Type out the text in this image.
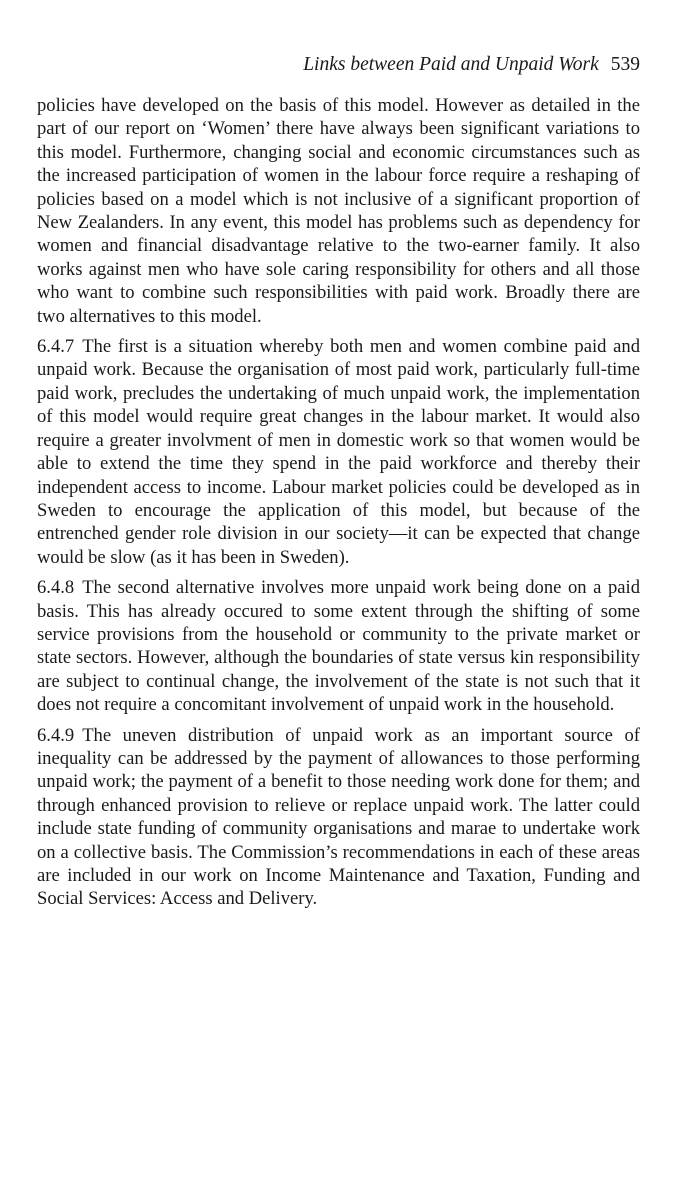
Links between Paid and Unpaid Work 539

policies have developed on the basis of this model. However as detailed in the part of our report on ‘Women’ there have always been significant variations to this model. Furthermore, changing social and economic circumstances such as the increased participation of women in the labour force require a reshaping of policies based on a model which is not inclusive of a significant proportion of New Zealanders. In any event, this model has problems such as dependency for women and financial disadvantage relative to the two-earner family. It also works against men who have sole caring responsibility for others and all those who want to combine such responsibilities with paid work. Broadly there are two alternatives to this model.

6.4.7 The first is a situation whereby both men and women combine paid and unpaid work. Because the organisation of most paid work, particularly full-time paid work, precludes the undertaking of much unpaid work, the implementation of this model would require great changes in the labour market. It would also require a greater involvment of men in domestic work so that women would be able to extend the time they spend in the paid workforce and thereby their independent access to income. Labour market policies could be developed as in Sweden to encourage the application of this model, but because of the entrenched gender role division in our society—it can be expected that change would be slow (as it has been in Sweden).

6.4.8 The second alternative involves more unpaid work being done on a paid basis. This has already occured to some extent through the shifting of some service provisions from the household or community to the private market or state sectors. However, although the boundaries of state versus kin responsibility are subject to continual change, the involvement of the state is not such that it does not require a concomitant involvement of unpaid work in the household.

6.4.9 The uneven distribution of unpaid work as an important source of inequality can be addressed by the payment of allowances to those performing unpaid work; the payment of a benefit to those needing work done for them; and through enhanced provision to relieve or replace unpaid work. The latter could include state funding of community organisations and marae to undertake work on a collective basis. The Commission’s recommendations in each of these areas are included in our work on Income Maintenance and Taxation, Funding and Social Services: Access and Delivery.
